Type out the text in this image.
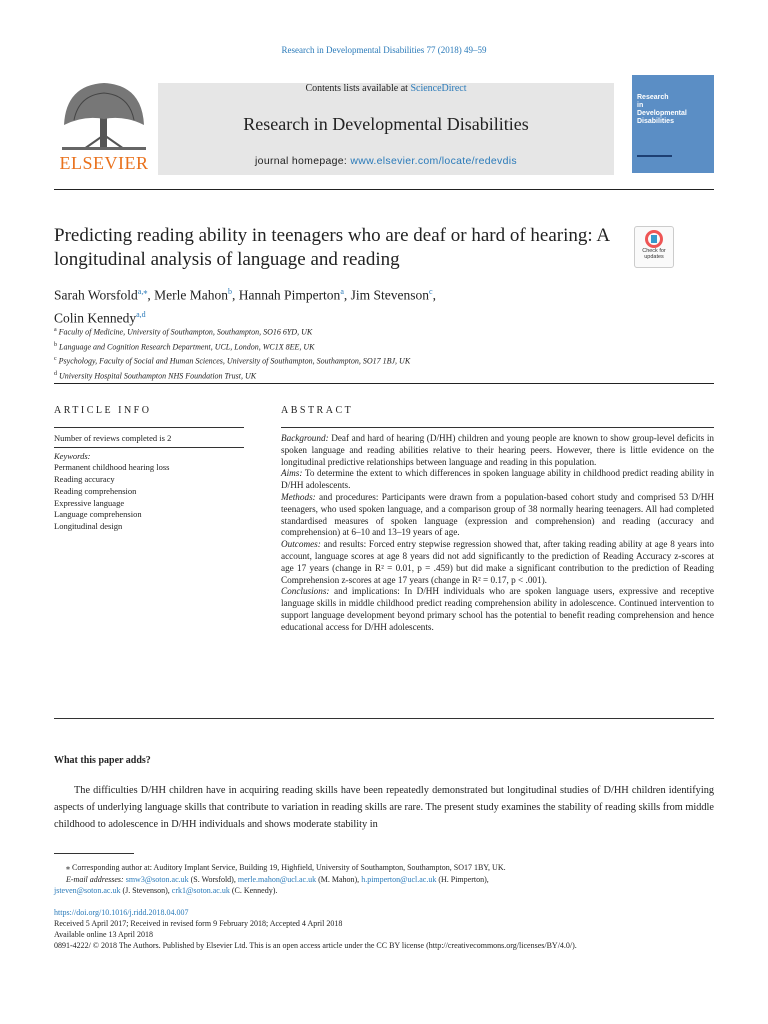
Research in Developmental Disabilities 77 (2018) 49–59
ELSEVIER
Contents lists available at ScienceDirect
Research in Developmental Disabilities
journal homepage: www.elsevier.com/locate/redevdis
Research
in
Developmental
Disabilities
Predicting reading ability in teenagers who are deaf or hard of hearing: A longitudinal analysis of language and reading	Check for updates
Sarah Worsfold$^{a,⁎}$, Merle Mahon$^b$, Hannah Pimperton$^a$, Jim Stevenson$^c$,
Colin Kennedy$^{a,d}$
$^a$ Faculty of Medicine, University of Southampton, Southampton, SO16 6YD, UK
$^b$ Language and Cognition Research Department, UCL, London, WC1X 8EE, UK
$^c$ Psychology, Faculty of Social and Human Sciences, University of Southampton, Southampton, SO17 1BJ, UK
$^d$ University Hospital Southampton NHS Foundation Trust, UK
ARTICLE INFO	ABSTRACT
Number of reviews completed is 2
Keywords:
Permanent childhood hearing loss
Reading accuracy
Reading comprehension
Expressive language
Language comprehension
Longitudinal design

Background: Deaf and hard of hearing (D/HH) children and young people are known to show group-level deficits in spoken language and reading abilities relative to their hearing peers. However, there is little evidence on the longitudinal predictive relationships between language and reading in this population.

Aims: To determine the extent to which differences in spoken language ability in childhood predict reading ability in D/HH adolescents.

Methods: and procedures: Participants were drawn from a population-based cohort study and comprised 53 D/HH teenagers, who used spoken language, and a comparison group of 38 normally hearing teenagers. All had completed standardised measures of spoken language (expression and comprehension) and reading (accuracy and comprehension) at 6–10 and 13–19 years of age.

Outcomes: and results: Forced entry stepwise regression showed that, after taking reading ability at age 8 years into account, language scores at age 8 years did not add significantly to the prediction of Reading Accuracy z-scores at age 17 years (change in R² = 0.01, p = .459) but did make a significant contribution to the prediction of Reading Comprehension z-scores at age 17 years (change in R² = 0.17, p < .001).

Conclusions: and implications: In D/HH individuals who are spoken language users, expressive and receptive language skills in middle childhood predict reading comprehension ability in adolescence. Continued intervention to support language development beyond primary school has the potential to benefit reading comprehension and hence educational access for D/HH adolescents.

What this paper adds?
The difficulties D/HH children have in acquiring reading skills have been repeatedly demonstrated but longitudinal studies of D/HH children identifying aspects of underlying language skills that contribute to variation in reading skills are rare. The present study examines the stability of reading skills from middle childhood to adolescence in D/HH individuals and shows moderate stability in
⁎ Corresponding author at: Auditory Implant Service, Building 19, Highfield, University of Southampton, Southampton, SO17 1BY, UK.
E-mail addresses: smw3@soton.ac.uk (S. Worsfold), merle.mahon@ucl.ac.uk (M. Mahon), h.pimperton@ucl.ac.uk (H. Pimperton),
jsteven@soton.ac.uk (J. Stevenson), crk1@soton.ac.uk (C. Kennedy).
https://doi.org/10.1016/j.ridd.2018.04.007
Received 5 April 2017; Received in revised form 9 February 2018; Accepted 4 April 2018
Available online 13 April 2018
0891-4222/ © 2018 The Authors. Published by Elsevier Ltd. This is an open access article under the CC BY license (http://creativecommons.org/licenses/BY/4.0/).
